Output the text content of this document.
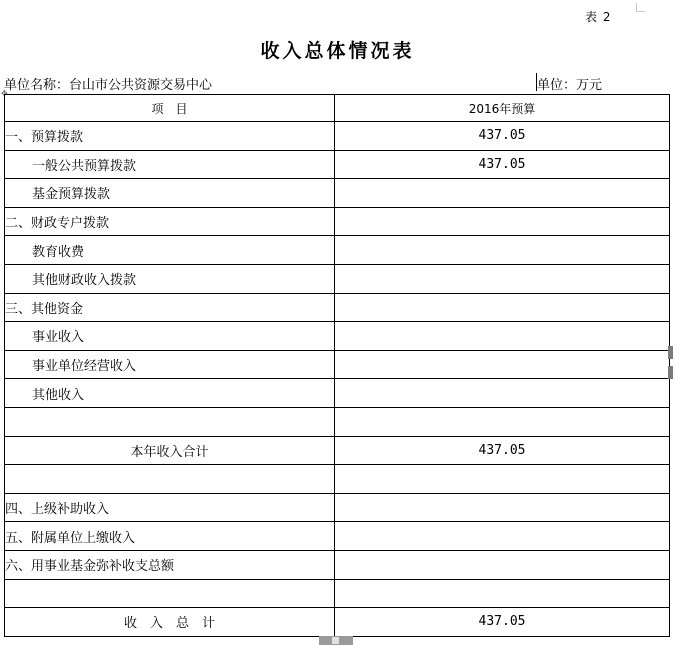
表 2
收入总体情况表
单位名称：台山市公共资源交易中心	单位：万元
✥
项　目	2016年预算
一、预算拨款	437.05
一般公共预算拨款	437.05
基金预算拨款	
二、财政专户拨款	
教育收费	
其他财政收入拨款	
三、其他资金	
事业收入	
事业单位经营收入	
其他收入	

本年收入合计	437.05

四、上级补助收入	
五、附属单位上缴收入	
六、用事业基金弥补收支总额	

收　入　总　计	437.05
